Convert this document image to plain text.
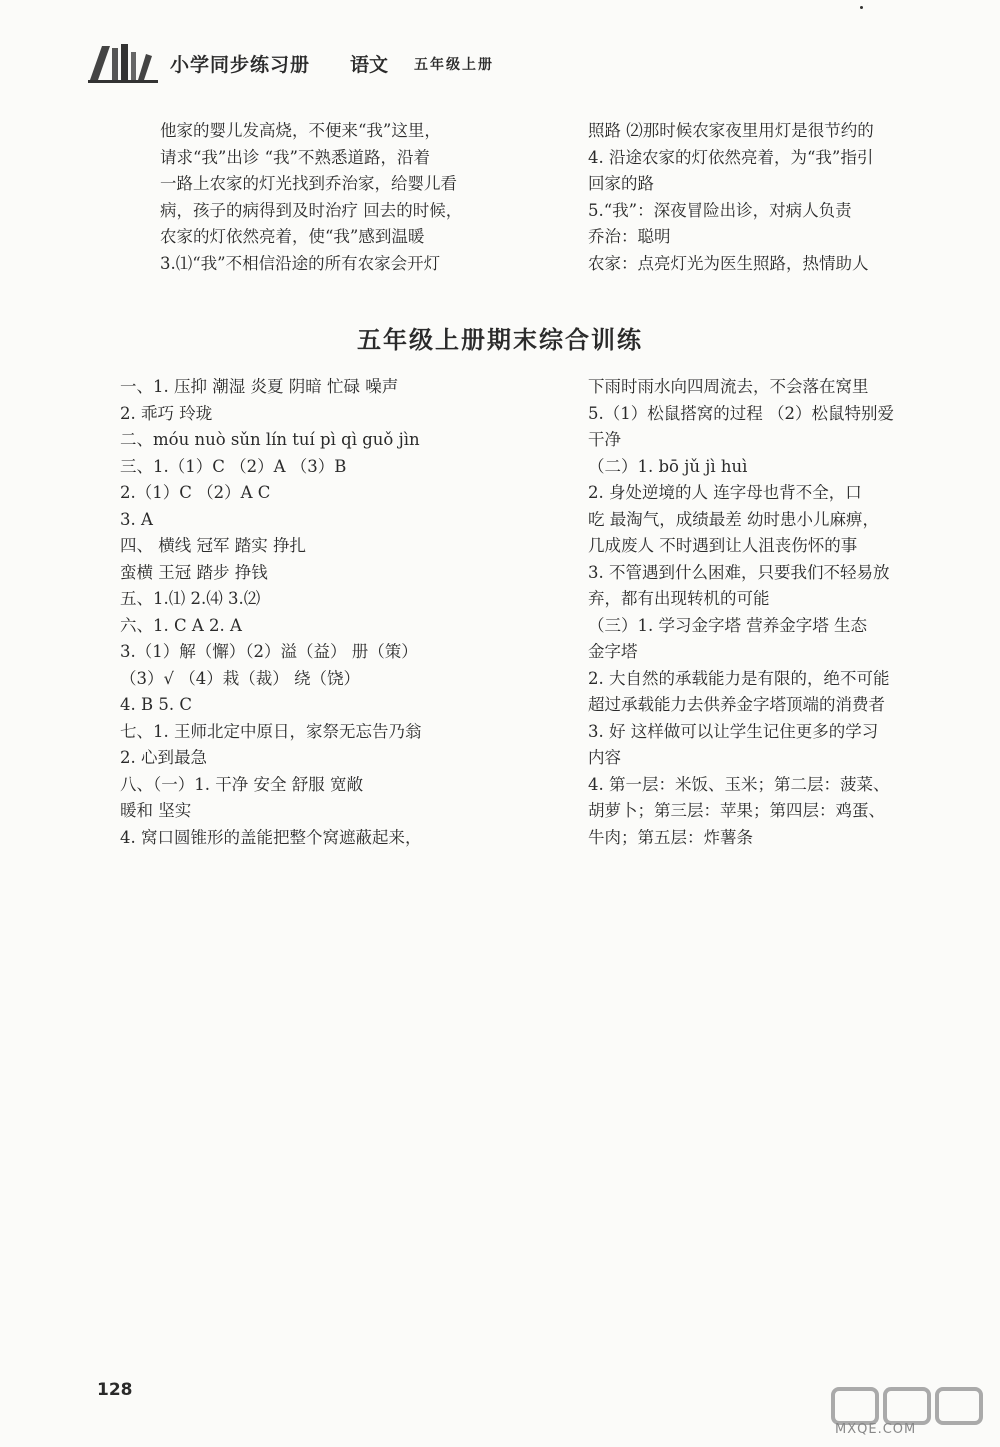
小学同步练习册 语文 五年级上册
他家的婴儿发高烧，不便来“我”这里，
请求“我”出诊 “我”不熟悉道路，沿着
一路上农家的灯光找到乔治家，给婴儿看
病，孩子的病得到及时治疗 回去的时候，
农家的灯依然亮着，使“我”感到温暖
3.⑴“我”不相信沿途的所有农家会开灯
照路 ⑵那时候农家夜里用灯是很节约的
4. 沿途农家的灯依然亮着，为“我”指引
回家的路
5.“我”：深夜冒险出诊，对病人负责
乔治：聪明
农家：点亮灯光为医生照路，热情助人
五年级上册期末综合训练
一、1. 压抑 潮湿 炎夏 阴暗 忙碌 噪声
2. 乖巧 玲珑
二、móu nuò sǔn lín tuí pì qì guǒ jìn
三、1.（1）C （2）A （3）B
2.（1）C （2）A C
3. A
四、 横线 冠军 踏实 挣扎
蛮横 王冠 踏步 挣钱
五、1.⑴ 2.⑷ 3.⑵
六、1. C A 2. A
3.（1）解（懈）（2）溢（益） 册（策）
（3）√ （4）栽（裁） 绕（饶）
4. B 5. C
七、1. 王师北定中原日，家祭无忘告乃翁
2. 心到最急
八、（一）1. 干净 安全 舒服 宽敞
暖和 坚实
4. 窝口圆锥形的盖能把整个窝遮蔽起来，
下雨时雨水向四周流去，不会落在窝里
5.（1）松鼠搭窝的过程 （2）松鼠特别爱
干净
（二）1. bō jǔ jì huì
2. 身处逆境的人 连字母也背不全，口
吃 最淘气，成绩最差 幼时患小儿麻痹，
几成废人 不时遇到让人沮丧伤怀的事
3. 不管遇到什么困难，只要我们不轻易放
弃，都有出现转机的可能
（三）1. 学习金字塔 营养金字塔 生态
金字塔
2. 大自然的承载能力是有限的，绝不可能
超过承载能力去供养金字塔顶端的消费者
3. 好 这样做可以让学生记住更多的学习
内容
4. 第一层：米饭、玉米；第二层：菠菜、
胡萝卜；第三层：苹果；第四层：鸡蛋、
牛肉；第五层：炸薯条
128
MXQE.COM
